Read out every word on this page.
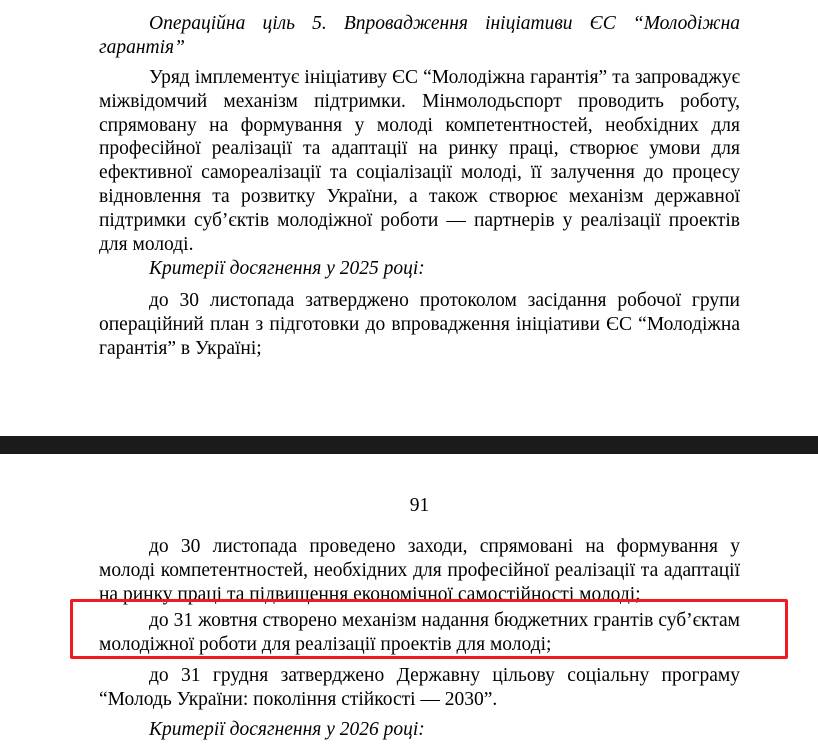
Операційна ціль 5. Впровадження ініціативи ЄС “Молодіжна гарантія”
Уряд імплементує ініціативу ЄС “Молодіжна гарантія” та запроваджує міжвідомчий механізм підтримки. Мінмолодьспорт проводить роботу, спрямовану на формування у молоді компетентностей, необхідних для професійної реалізації та адаптації на ринку праці, створює умови для ефективної самореалізації та соціалізації молоді, її залучення до процесу відновлення та розвитку України, а також створює механізм державної підтримки суб’єктів молодіжної роботи — партнерів у реалізації проектів для молоді.
Критерії досягнення у 2025 році:
до 30 листопада затверджено протоколом засідання робочої групи операційний план з підготовки до впровадження ініціативи ЄС “Молодіжна гарантія” в Україні;
91
до 30 листопада проведено заходи, спрямовані на формування у молоді компетентностей, необхідних для професійної реалізації та адаптації на ринку праці та підвищення економічної самостійності молоді;
до 31 жовтня створено механізм надання бюджетних грантів суб’єктам молодіжної роботи для реалізації проектів для молоді;
до 31 грудня затверджено Державну цільову соціальну програму “Молодь України: покоління стійкості — 2030”.
Критерії досягнення у 2026 році:
